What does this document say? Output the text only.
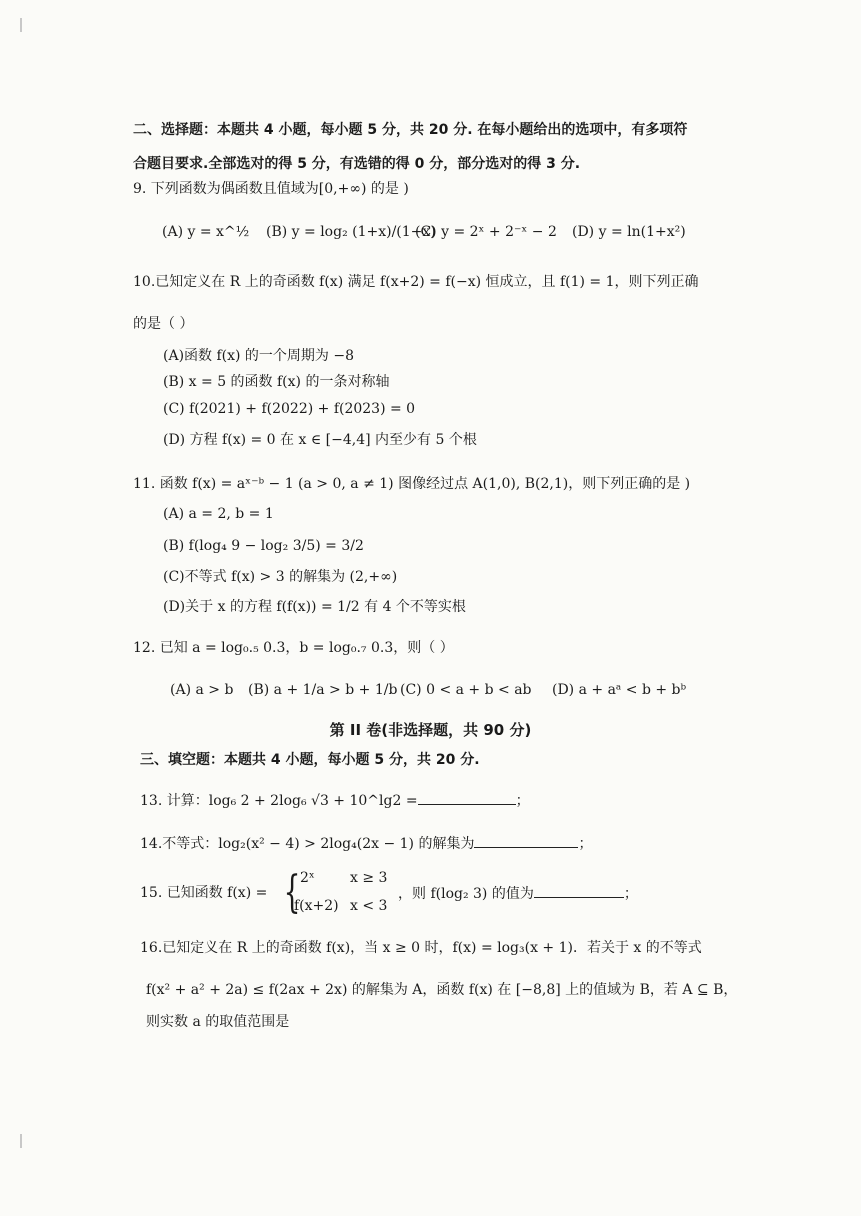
二、选择题：本题共 4 小题，每小题 5 分，共 20 分. 在每小题给出的选项中，有多项符
合题目要求.全部选对的得 5 分，有选错的得 0 分，部分选对的得 3 分.
9. 下列函数为偶函数且值域为[0,+∞) 的是 )
(A) y = x^½ (B) y = log₂ (1+x)/(1−x)
(C) y = 2ˣ + 2⁻ˣ − 2 (D) y = ln(1+x²)
10.已知定义在 R 上的奇函数 f(x) 满足 f(x+2) = f(−x) 恒成立，且 f(1) = 1，则下列正确
的是（ ）
(A)函数 f(x) 的一个周期为 −8
(B) x = 5 的函数 f(x) 的一条对称轴
(C) f(2021) + f(2022) + f(2023) = 0
(D) 方程 f(x) = 0 在 x ∈ [−4,4] 内至少有 5 个根
11. 函数 f(x) = aˣ⁻ᵇ − 1 (a > 0, a ≠ 1) 图像经过点 A(1,0), B(2,1)，则下列正确的是 )
(A) a = 2, b = 1
(B) f(log₄ 9 − log₂ 3/5) = 3/2
(C)不等式 f(x) > 3 的解集为 (2,+∞)
(D)关于 x 的方程 f(f(x)) = 1/2 有 4 个不等实根
12. 已知 a = log₀.₅ 0.3，b = log₀.₇ 0.3，则（ ）
(A) a > b (B) a + 1/a > b + 1/b (C) 0 < a + b < ab (D) a + aᵃ < b + bᵇ
第 II 卷(非选择题，共 90 分)
三、填空题：本题共 4 小题，每小题 5 分，共 20 分.
13. 计算：log₆ 2 + 2log₆ √3 + 10^lg2 =	；
14.不等式：log₂(x² − 4) > 2log₄(2x − 1) 的解集为	；
15. 已知函数 f(x) = { 2ˣ	x ≥ 3
f(x+2) x < 3
，则 f(log₂ 3) 的值为	；
16.已知定义在 R 上的奇函数 f(x)，当 x ≥ 0 时，f(x) = log₃(x + 1)．若关于 x 的不等式
f(x² + a² + 2a) ≤ f(2ax + 2x) 的解集为 A，函数 f(x) 在 [−8,8] 上的值域为 B，若 A ⊆ B，
则实数 a 的取值范围是
